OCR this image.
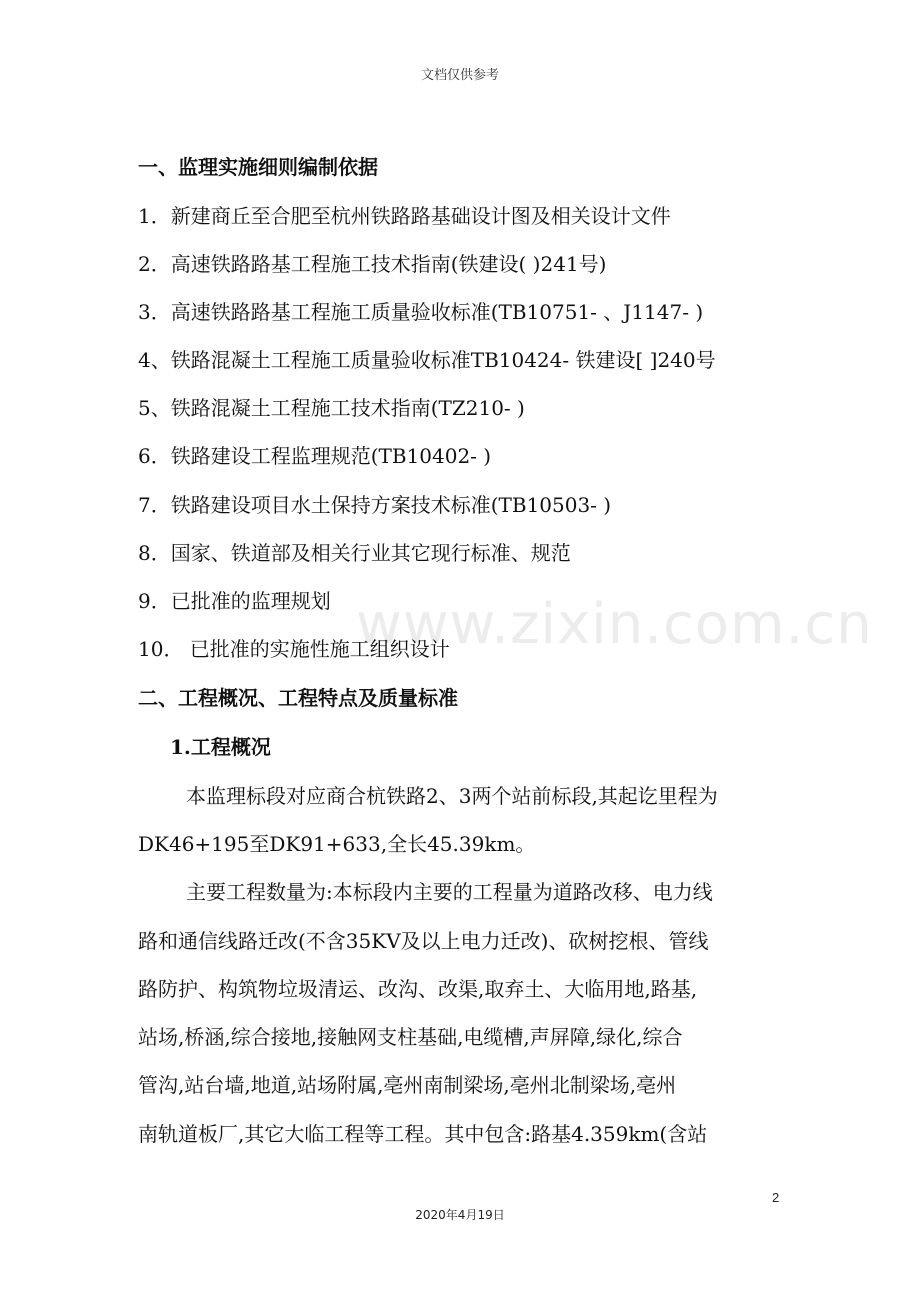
文档仅供参考
www.zixin.com.cn
一、监理实施细则编制依据
1．新建商丘至合肥至杭州铁路路基础设计图及相关设计文件
2．高速铁路路基工程施工技术指南(铁建设( )241号)
3．高速铁路路基工程施工质量验收标准(TB10751- 、J1147- )
4、铁路混凝土工程施工质量验收标准TB10424- 铁建设[ ]240号
5、铁路混凝土工程施工技术指南(TZ210- )
6．铁路建设工程监理规范(TB10402- )
7．铁路建设项目水土保持方案技术标准(TB10503- )
8．国家、铁道部及相关行业其它现行标准、规范
9．已批准的监理规划
10． 已批准的实施性施工组织设计
二、工程概况、工程特点及质量标准
1.工程概况
本监理标段对应商合杭铁路2、3两个站前标段,其起讫里程为
DK46+195至DK91+633,全长45.39km。
主要工程数量为:本标段内主要的工程量为道路改移、电力线
路和通信线路迁改(不含35KV及以上电力迁改)、砍树挖根、管线
路防护、构筑物垃圾清运、改沟、改渠,取弃土、大临用地,路基,
站场,桥涵,综合接地,接触网支柱基础,电缆槽,声屏障,绿化,综合
管沟,站台墙,地道,站场附属,亳州南制梁场,亳州北制梁场,亳州
南轨道板厂,其它大临工程等工程。其中包含:路基4.359km(含站
2
2020年4月19日
